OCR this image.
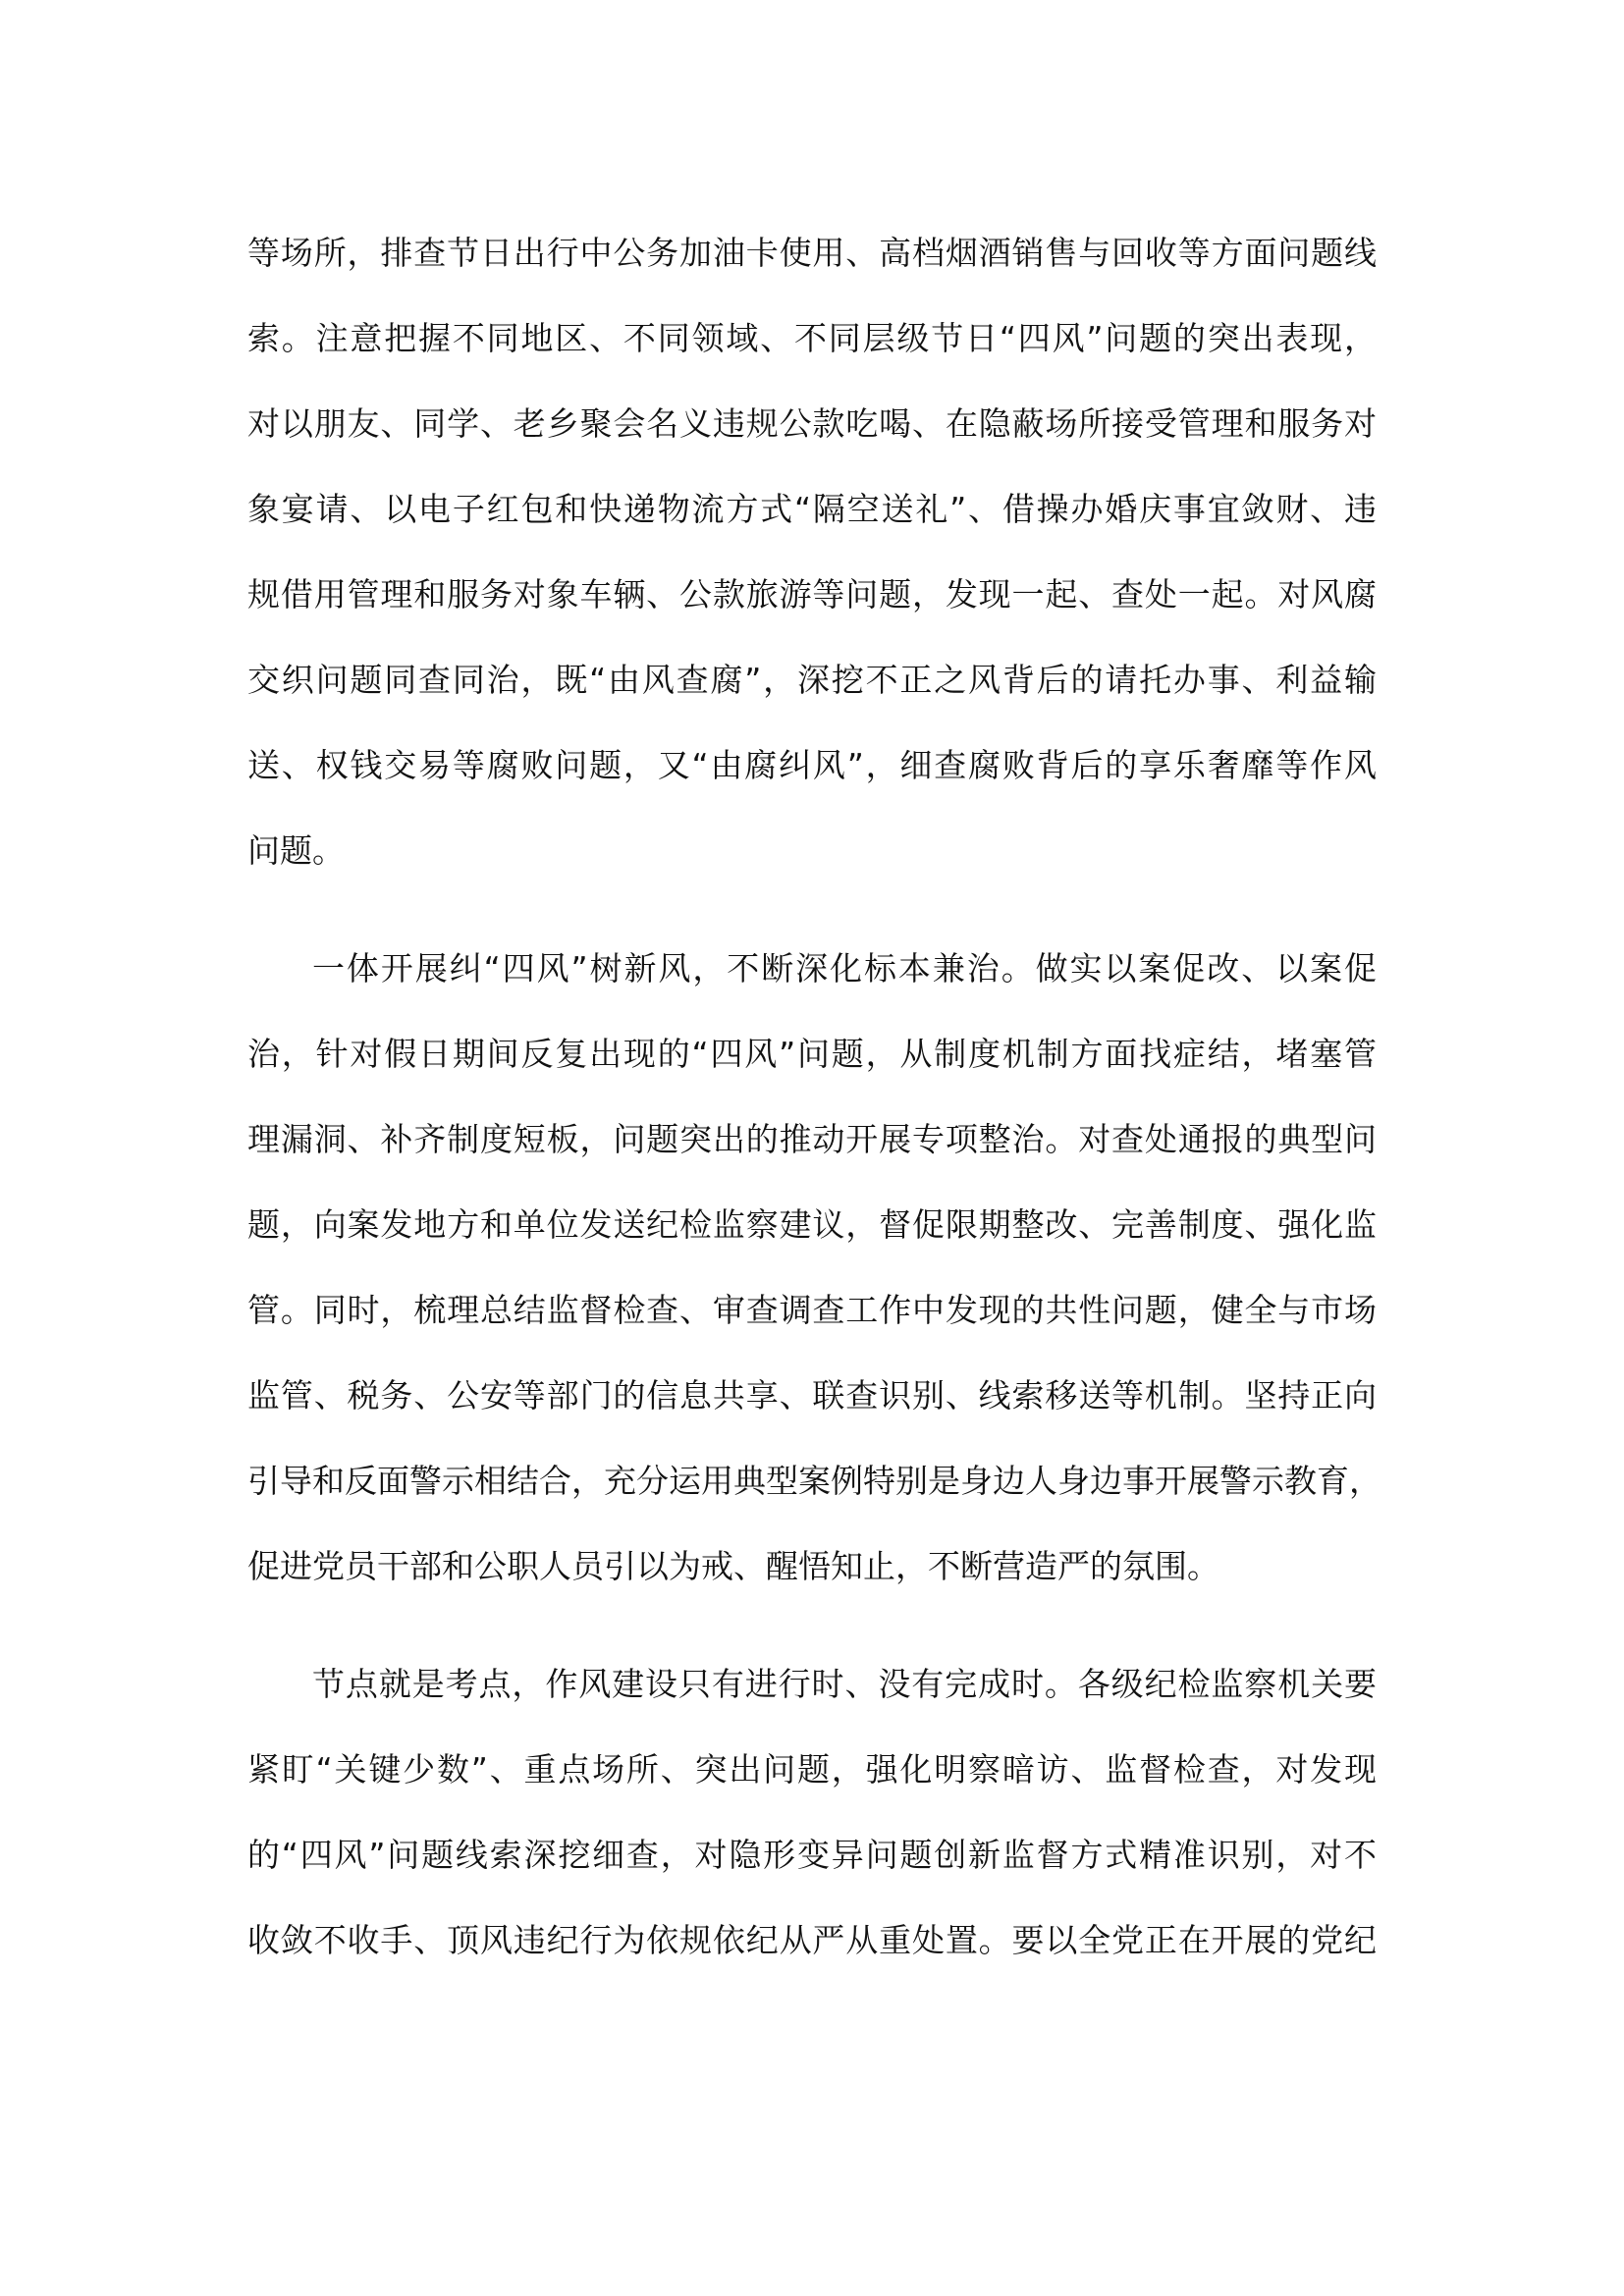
等场所，排查节日出行中公务加油卡使用、高档烟酒销售与回收等方面问题线
索。注意把握不同地区、不同领域、不同层级节日“四风”问题的突出表现，
对以朋友、同学、老乡聚会名义违规公款吃喝、在隐蔽场所接受管理和服务对
象宴请、以电子红包和快递物流方式“隔空送礼”、借操办婚庆事宜敛财、违
规借用管理和服务对象车辆、公款旅游等问题，发现一起、查处一起。对风腐
交织问题同查同治，既“由风查腐”，深挖不正之风背后的请托办事、利益输
送、权钱交易等腐败问题，又“由腐纠风”，细查腐败背后的享乐奢靡等作风
问题。
一体开展纠“四风”树新风，不断深化标本兼治。做实以案促改、以案促
治，针对假日期间反复出现的“四风”问题，从制度机制方面找症结，堵塞管
理漏洞、补齐制度短板，问题突出的推动开展专项整治。对查处通报的典型问
题，向案发地方和单位发送纪检监察建议，督促限期整改、完善制度、强化监
管。同时，梳理总结监督检查、审查调查工作中发现的共性问题，健全与市场
监管、税务、公安等部门的信息共享、联查识别、线索移送等机制。坚持正向
引导和反面警示相结合，充分运用典型案例特别是身边人身边事开展警示教育，
促进党员干部和公职人员引以为戒、醒悟知止，不断营造严的氛围。
节点就是考点，作风建设只有进行时、没有完成时。各级纪检监察机关要
紧盯“关键少数”、重点场所、突出问题，强化明察暗访、监督检查，对发现
的“四风”问题线索深挖细查，对隐形变异问题创新监督方式精准识别，对不
收敛不收手、顶风违纪行为依规依纪从严从重处置。要以全党正在开展的党纪
